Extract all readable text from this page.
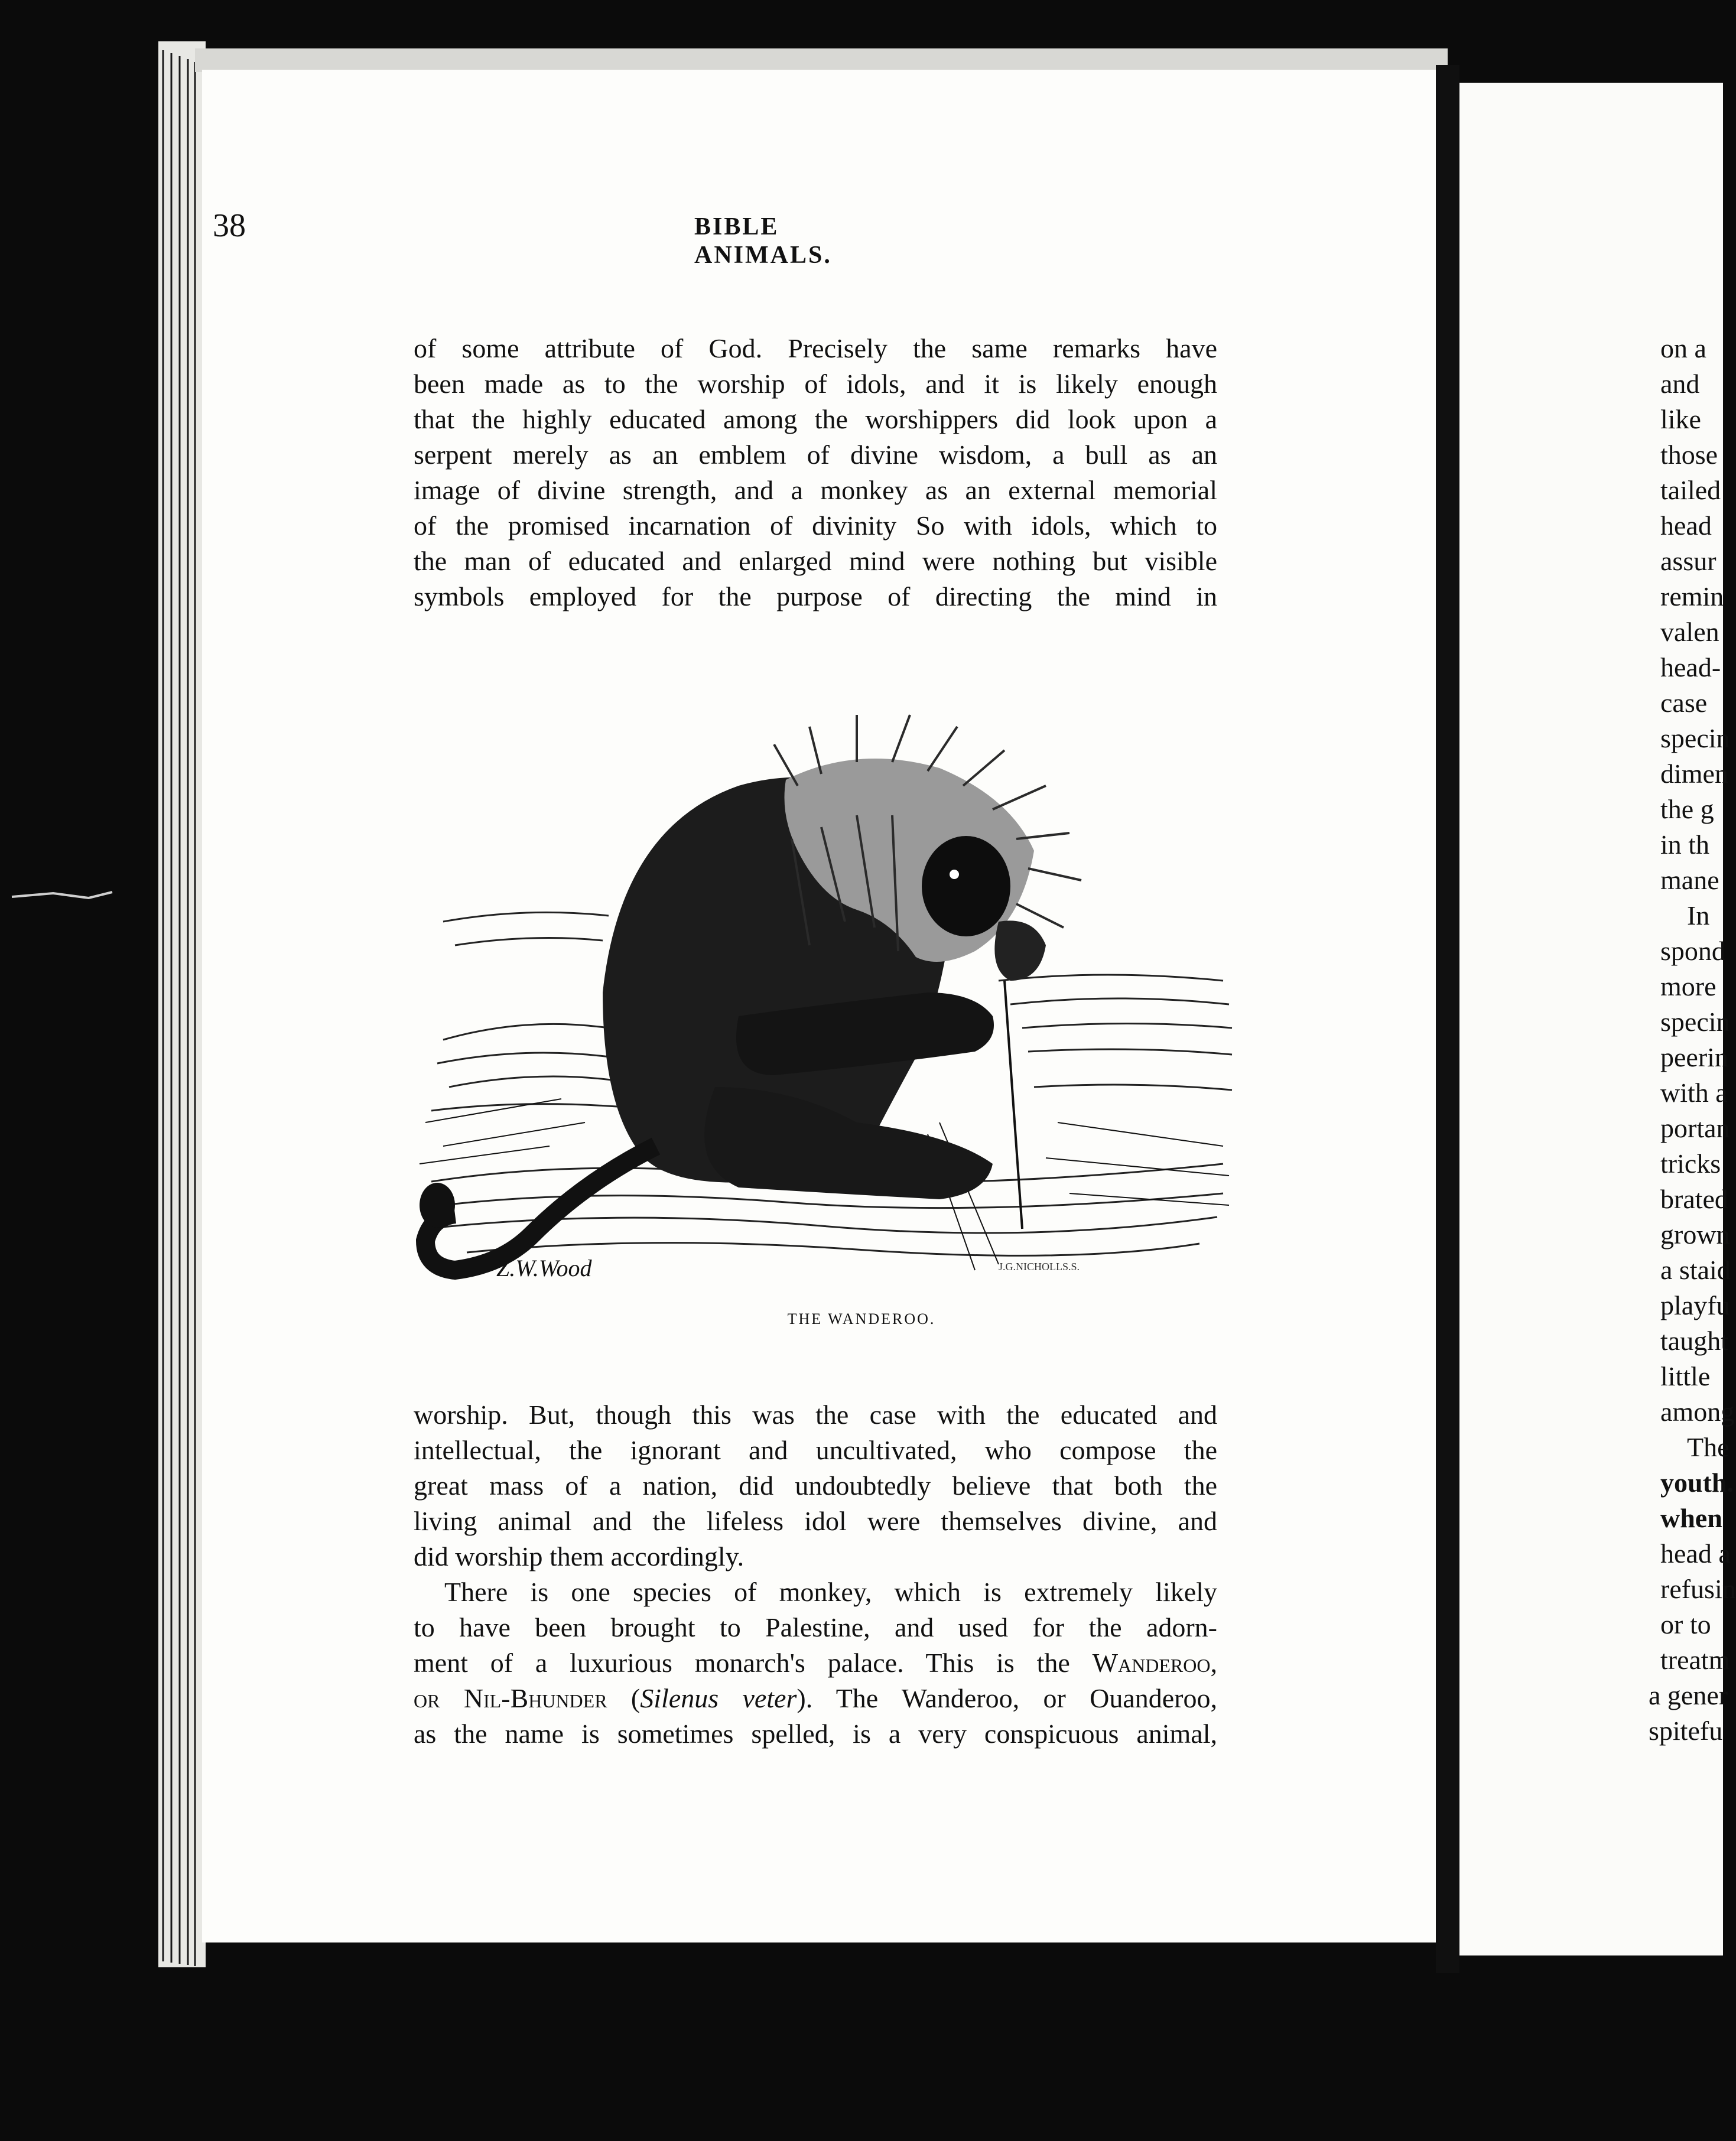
38	BIBLE ANIMALS.

of some attribute of God. Precisely the same remarks have

been made as to the worship of idols, and it is likely enough

that the highly educated among the worshippers did look upon a

serpent merely as an emblem of divine wisdom, a bull as an

image of divine strength, and a monkey as an external memorial

of the promised incarnation of divinity So with idols, which to

the man of educated and enlarged mind were nothing but visible

symbols employed for the purpose of directing the mind in

Z.W.Wood	J.G.NICHOLLS.S.

THE WANDEROO.

worship. But, though this was the case with the educated and

intellectual, the ignorant and uncultivated, who compose the

great mass of a nation, did undoubtedly believe that both the

living animal and the lifeless idol were themselves divine, and

did worship them accordingly.

There is one species of monkey, which is extremely likely

to have been brought to Palestine, and used for the adorn-

ment of a luxurious monarch's palace. This is the Wanderoo,

or Nil-Bhunder (Silenus veter). The Wanderoo, or Ouanderoo,

as the name is sometimes spelled, is a very conspicuous animal,

on a

and

like

those

tailed

head

assur

remin

valen

head-

case

specin

dimen

the g

in th

mane

In

spond

more

specin

peerin

with a

portan

tricks

brated

grown

a staid

playfu

taught

little

among

The

youth.

when

head a

refusin

or to

treatm

a gener

spitefu
